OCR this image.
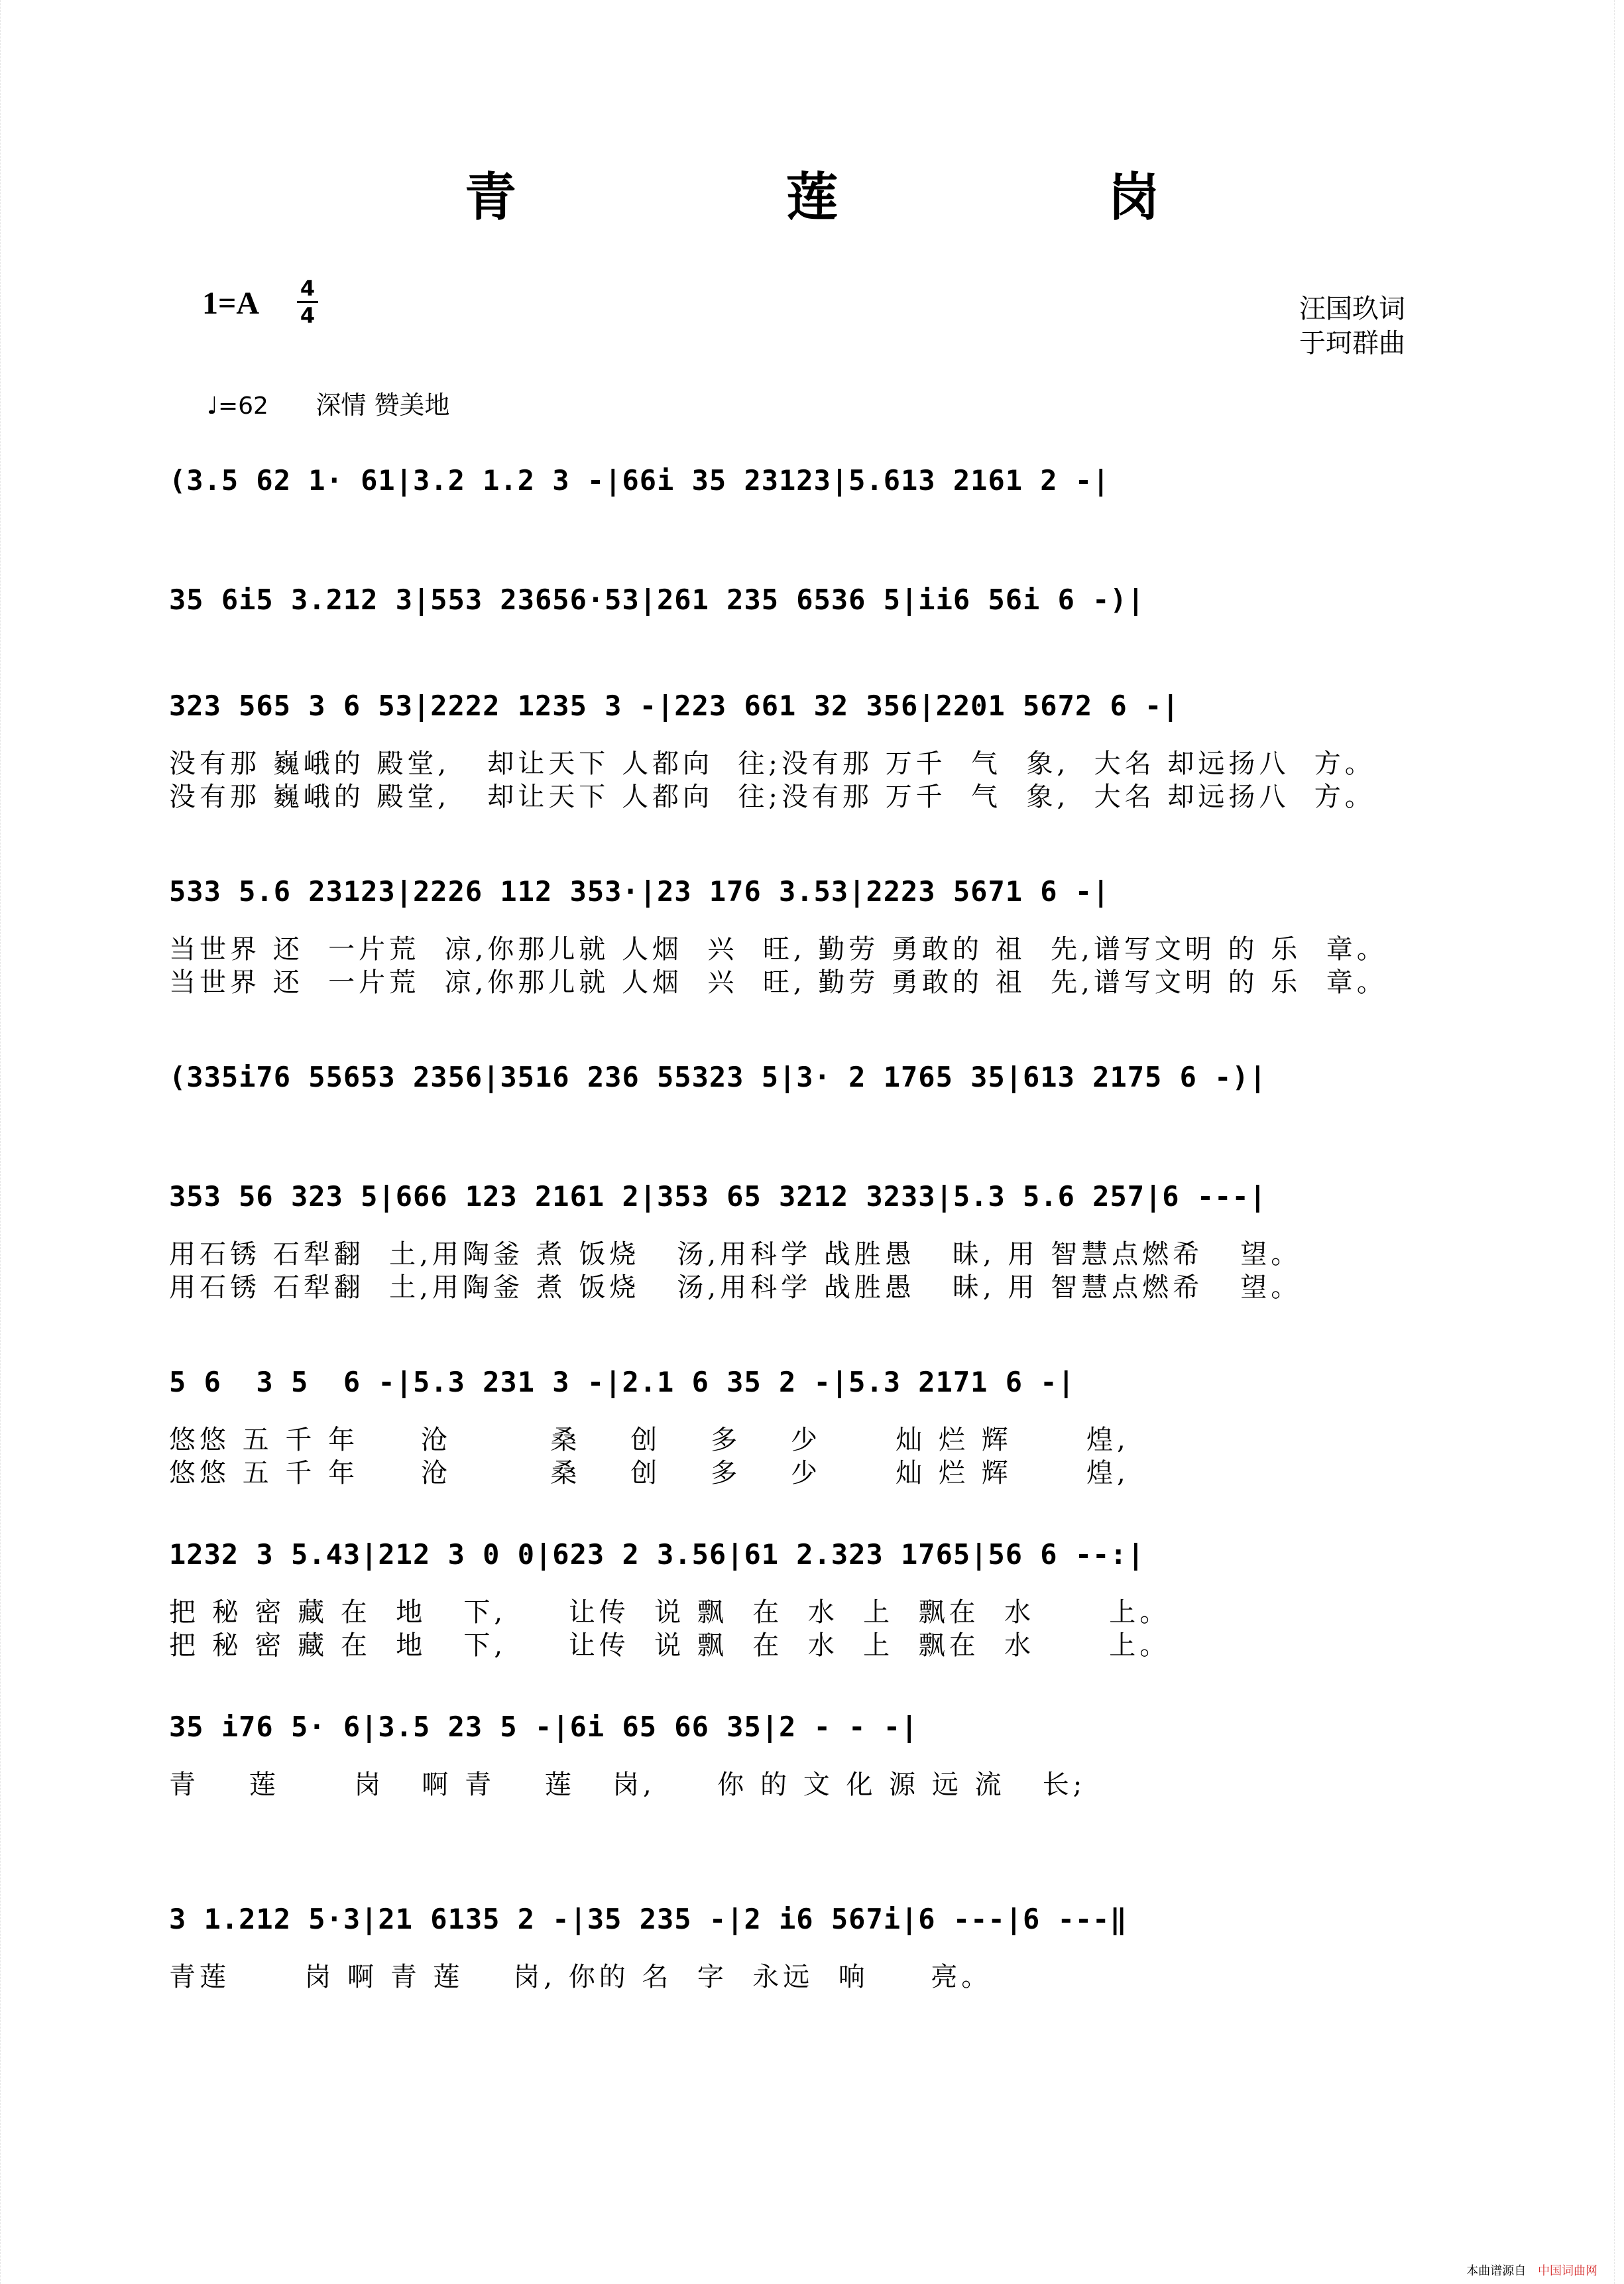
青 莲 岗
1=A 4
4	汪国玖词
于珂群曲
♩=62 深情 赞美地
(3.5 62 1· 61|3.2 1.2 3 -|66i 35 23123|5.613 2161 2 -|
35 6i5 3.212 3|553 23656·53|261 235 6536 5|ii6 56i 6 -)|
323 565 3 6 53|2222 1235 3 -|223 661 32 356|2201 5672 6 -|
没有那 巍峨的 殿堂,   却让天下 人都向  往;没有那 万千  气  象,  大名 却远扬八  方。
没有那 巍峨的 殿堂,   却让天下 人都向  往;没有那 万千  气  象,  大名 却远扬八  方。
533 5.6 23123|2226 112 353·|23 176 3.53|2223 5671 6 -|
当世界 还  一片荒  凉,你那儿就 人烟  兴  旺, 勤劳 勇敢的 祖  先,谱写文明 的 乐  章。
当世界 还  一片荒  凉,你那儿就 人烟  兴  旺, 勤劳 勇敢的 祖  先,谱写文明 的 乐  章。
(335i76 55653 2356|3516 236 55323 5|3· 2 1765 35|613 2175 6 -)|
353 56 323 5|666 123 2161 2|353 65 3212 3233|5.3 5.6 257|6 ---|
用石锈 石犁翻  土,用陶釜 煮 饭烧   汤,用科学 战胜愚   昧, 用 智慧点燃希   望。
用石锈 石犁翻  土,用陶釜 煮 饭烧   汤,用科学 战胜愚   昧, 用 智慧点燃希   望。
5 6  3 5  6 -|5.3 231 3 -|2.1 6 35 2 -|5.3 2171 6 -|
悠悠 五 千 年     沧        桑    创    多    少      灿 烂 辉      煌,
悠悠 五 千 年     沧        桑    创    多    少      灿 烂 辉      煌,
1232 3 5.43|212 3 0 0|623 2 3.56|61 2.323 1765|56 6 --:|
把 秘 密 藏 在  地   下,     让传  说 飘  在  水  上  飘在  水      上。
把 秘 密 藏 在  地   下,     让传  说 飘  在  水  上  飘在  水      上。
35 i76 5· 6|3.5 23 5 -|6i 65 66 35|2 - - -|
青    莲      岗   啊 青    莲   岗,     你 的 文 化 源 远 流   长;
3 1.212 5·3|21 6135 2 -|35 235 -|2 i6 567i|6 ---|6 ---‖
青莲      岗 啊 青 莲    岗, 你的 名  字  永远  响     亮。
本曲谱源自 中国词曲网
